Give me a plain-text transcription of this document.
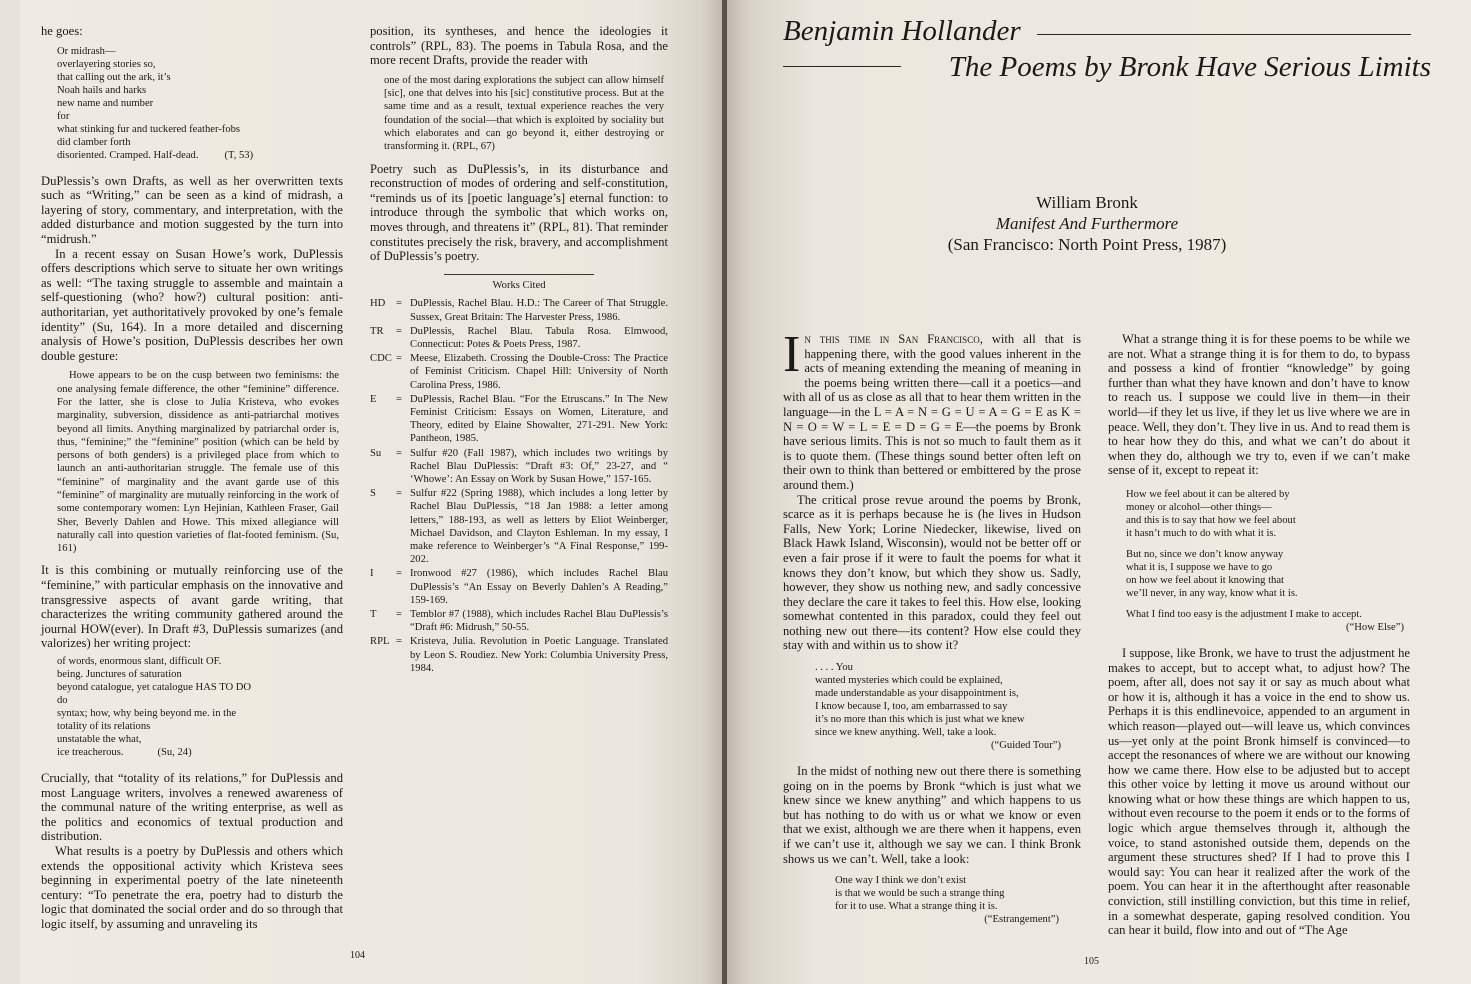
he goes:

Or midrash—
overlayering stories so,
that calling out the ark, it’s
Noah hails and harks
new name and number
for
what stinking fur and tuckered feather-fobs
did clamber forth
disoriented. Cramped. Half-dead. (T, 53)

DuPlessis’s own Drafts, as well as her overwritten texts such as “Writing,” can be seen as a kind of midrash, a layering of story, commentary, and interpretation, with the added disturbance and motion suggested by the turn into “midrush.”

In a recent essay on Susan Howe’s work, DuPlessis offers descriptions which serve to situate her own writings as well: “The taxing struggle to assemble and maintain a self-questioning (who? how?) cultural position: anti-authoritarian, yet authoritatively provoked by one’s female identity” (Su, 164). In a more detailed and discerning analysis of Howe’s position, DuPlessis describes her own double gesture:

Howe appears to be on the cusp between two feminisms: the one analysing female difference, the other “feminine” difference. For the latter, she is close to Julia Kristeva, who evokes marginality, subversion, dissidence as anti-patriarchal motives beyond all limits. Anything marginalized by patriarchal order is, thus, “feminine;” the “feminine” position (which can be held by persons of both genders) is a privileged place from which to launch an anti-authoritarian struggle. The female use of this “feminine” of marginality and the avant garde use of this “feminine” of marginality are mutually reinforcing in the work of some contemporary women: Lyn Hejinian, Kathleen Fraser, Gail Sher, Beverly Dahlen and Howe. This mixed allegiance will naturally call into question varieties of flat-footed feminism. (Su, 161)

It is this combining or mutually reinforcing use of the “feminine,” with particular emphasis on the innovative and transgressive aspects of avant garde writing, that characterizes the writing community gathered around the journal HOW(ever). In Draft #3, DuPlessis sumarizes (and valorizes) her writing project:

of words, enormous slant, difficult OF.
being. Junctures of saturation
beyond catalogue, yet catalogue HAS TO DO
do
syntax; how, why being beyond me. in the
totality of its relations
unstatable the what,
ice treacherous.	(Su, 24)

Crucially, that “totality of its relations,” for DuPlessis and most Language writers, involves a renewed awareness of the communal nature of the writing enterprise, as well as the politics and economics of textual production and distribution.

What results is a poetry by DuPlessis and others which extends the oppositional activity which Kristeva sees beginning in experimental poetry of the late nineteenth century: “To penetrate the era, poetry had to disturb the logic that dominated the social order and do so through that logic itself, by assuming and unraveling its

position, its syntheses, and hence the ideologies it controls” (RPL, 83). The poems in Tabula Rosa, and the more recent Drafts, provide the reader with

one of the most daring explorations the subject can allow himself [sic], one that delves into his [sic] constitutive process. But at the same time and as a result, textual experience reaches the very foundation of the social—that which is exploited by sociality but which elaborates and can go beyond it, either destroying or transforming it. (RPL, 67)

Poetry such as DuPlessis’s, in its disturbance and reconstruction of modes of ordering and self-constitution, “reminds us of its [poetic language’s] eternal function: to introduce through the symbolic that which works on, moves through, and threatens it” (RPL, 81). That reminder constitutes precisely the risk, bravery, and accomplishment of DuPlessis’s poetry.

Works Cited
HD	= DuPlessis, Rachel Blau. H.D.: The Career of That Struggle. Sussex, Great Britain: The Harvester Press, 1986.
TR	= DuPlessis, Rachel Blau. Tabula Rosa. Elmwood, Connecticut: Potes & Poets Press, 1987.
CDC = Meese, Elizabeth. Crossing the Double-Cross: The Practice of Feminist Criticism. Chapel Hill: University of North Carolina Press, 1986.
E	= DuPlessis, Rachel Blau. “For the Etruscans.” In The New Feminist Criticism: Essays on Women, Literature, and Theory, edited by Elaine Showalter, 271-291. New York: Pantheon, 1985.
Su	= Sulfur #20 (Fall 1987), which includes two writings by Rachel Blau DuPlessis: “Draft #3: Of,” 23-27, and “ ‘Whowe’: An Essay on Work by Susan Howe,” 157-165.
S	= Sulfur #22 (Spring 1988), which includes a long letter by Rachel Blau DuPlessis, “18 Jan 1988: a letter among letters,” 188-193, as well as letters by Eliot Weinberger, Michael Davidson, and Clayton Eshleman. In my essay, I make reference to Weinberger’s “A Final Response,” 199-202.
I	= Ironwood #27 (1986), which includes Rachel Blau DuPlessis’s “An Essay on Beverly Dahlen’s A Reading,” 159-169.
T	= Temblor #7 (1988), which includes Rachel Blau DuPlessis’s “Draft #6: Midrush,” 50-55.
RPL = Kristeva, Julia. Revolution in Poetic Language. Translated by Leon S. Roudiez. New York: Columbia University Press, 1984.
104
Benjamin Hollander
The Poems by Bronk Have Serious Limits
William Bronk
Manifest And Furthermore
(San Francisco: North Point Press, 1987)

In this time in San Francisco, with all that is happening there, with the good values inherent in the acts of meaning extending the meaning of meaning in the poems being written there—call it a poetics—and with all of us as close as all that to hear them written in the language—in the L = A = N = G = U = A = G = E as K = N = O = W = L = E = D = G = E—the poems by Bronk have serious limits. This is not so much to fault them as it is to quote them. (These things sound better often left on their own to think than bettered or embittered by the prose around them.)

The critical prose revue around the poems by Bronk, scarce as it is perhaps because he is (he lives in Hudson Falls, New York; Lorine Niedecker, likewise, lived on Black Hawk Island, Wisconsin), would not be better off or even a fair prose if it were to fault the poems for what it knows they don’t know, but which they show us. Sadly, however, they show us nothing new, and sadly concessive they declare the care it takes to feel this. How else, looking somewhat contented in this paradox, could they feel out nothing new out there—its content? How else could they stay with and within us to show it?

. . . . You
wanted mysteries which could be explained,
made understandable as your disappointment is,
I know because I, too, am embarrassed to say
it’s no more than this which is just what we knew
since we knew anything. Well, take a look.
(“Guided Tour”)

In the midst of nothing new out there there is something going on in the poems by Bronk “which is just what we knew since we knew anything” and which happens to us but has nothing to do with us or what we know or even that we exist, although we are there when it happens, even if we can’t use it, although we say we can. I think Bronk shows us we can’t. Well, take a look:

One way I think we don’t exist
is that we would be such a strange thing
for it to use. What a strange thing it is.
(“Estrangement”)

What a strange thing it is for these poems to be while we are not. What a strange thing it is for them to do, to bypass and possess a kind of frontier “knowledge” by going further than what they have known and don’t have to know to reach us. I suppose we could live in them—in their world—if they let us live, if they let us live where we are in peace. Well, they don’t. They live in us. And to read them is to hear how they do this, and what we can’t do about it when they do, although we try to, even if we can’t make sense of it, except to repeat it:

How we feel about it can be altered by
money or alcohol—other things—
and this is to say that how we feel about
it hasn’t much to do with what it is.
But no, since we don’t know anyway
what it is, I suppose we have to go
on how we feel about it knowing that
we’ll never, in any way, know what it is.
What I find too easy is the adjustment I make to accept.
(“How Else”)

I suppose, like Bronk, we have to trust the adjustment he makes to accept, but to accept what, to adjust how? The poem, after all, does not say it or say as much about what or how it is, although it has a voice in the end to show us. Perhaps it is this endlinevoice, appended to an argument in which reason—played out—will leave us, which convinces us—yet only at the point Bronk himself is convinced—to accept the resonances of where we are without our knowing how we came there. How else to be adjusted but to accept this other voice by letting it move us around without our knowing what or how these things are which happen to us, without even recourse to the poem it ends or to the forms of logic which argue themselves through it, although the voice, to stand astonished outside them, depends on the argument these structures shed? If I had to prove this I would say: You can hear it realized after the work of the poem. You can hear it in the afterthought after reasonable conviction, still instilling conviction, but this time in relief, in a somewhat desperate, gaping resolved condition. You can hear it build, flow into and out of “The Age

105
